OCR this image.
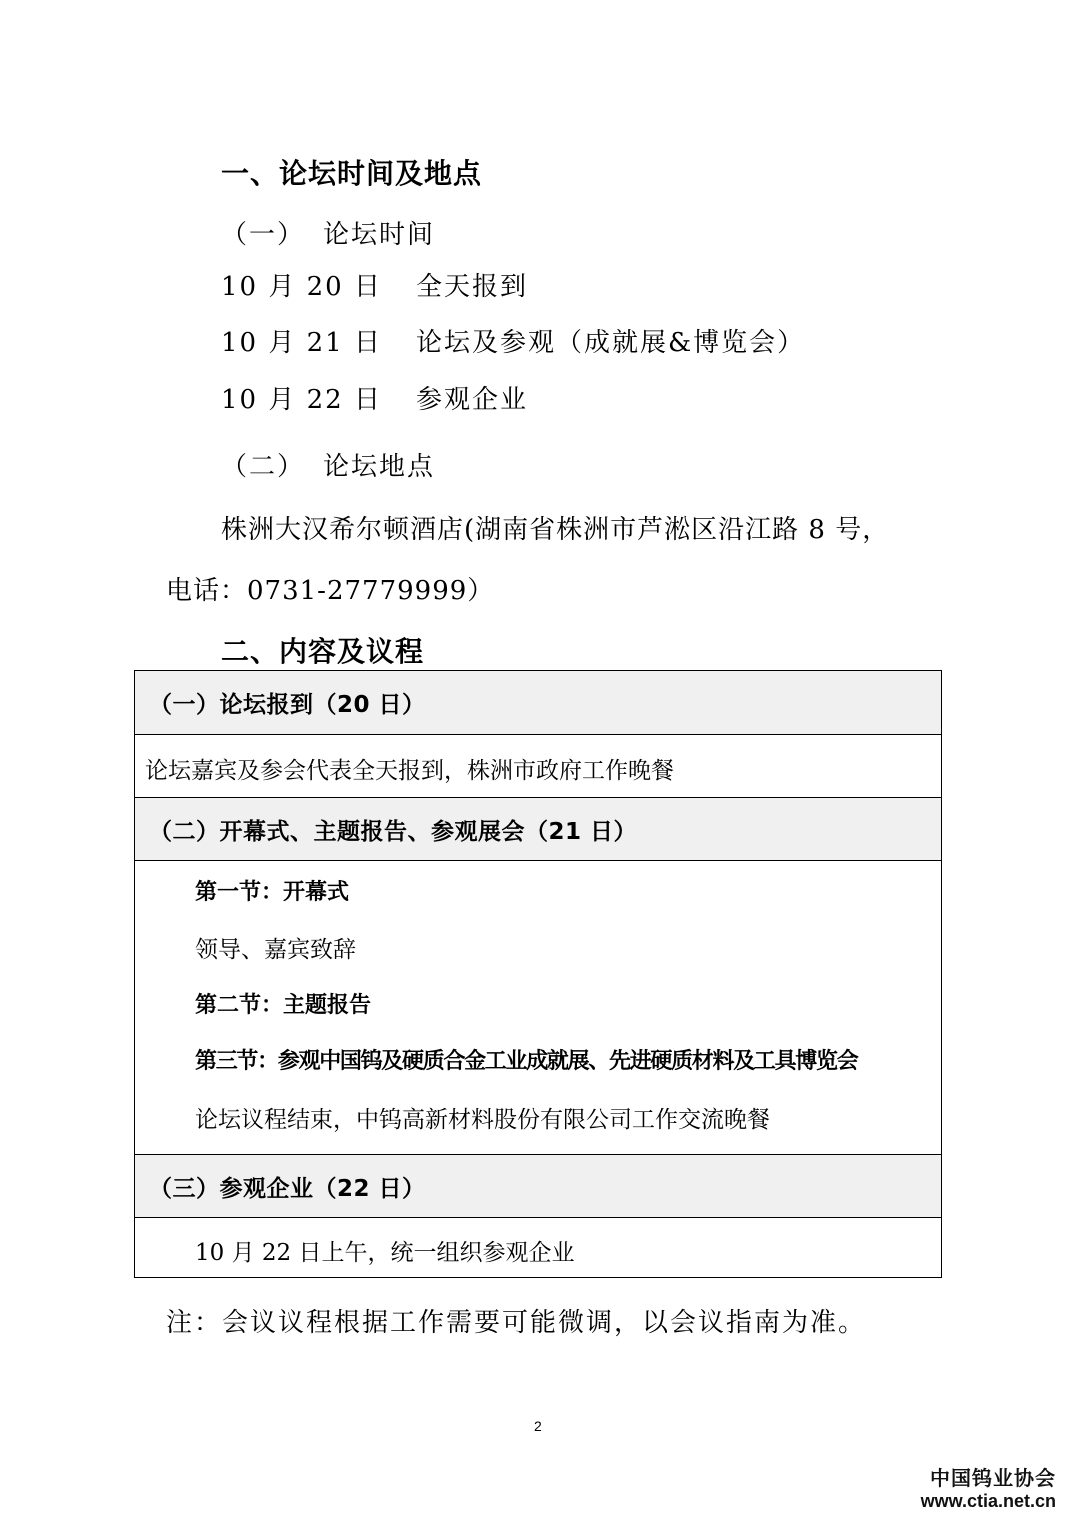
一、论坛时间及地点
（一） 论坛时间
10 月 20 日 全天报到
10 月 21 日 论坛及参观（成就展&博览会）
10 月 22 日 参观企业
（二） 论坛地点
株洲大汉希尔顿酒店(湖南省株洲市芦淞区沿江路 8 号，
电话：0731-27779999）
二、内容及议程
（一）论坛报到（20 日）
论坛嘉宾及参会代表全天报到，株洲市政府工作晚餐
（二）开幕式、主题报告、参观展会（21 日）
第一节：开幕式
领导、嘉宾致辞
第二节：主题报告
第三节：参观中国钨及硬质合金工业成就展、先进硬质材料及工具博览会
论坛议程结束，中钨高新材料股份有限公司工作交流晚餐
（三）参观企业（22 日）
10 月 22 日上午，统一组织参观企业
注：会议议程根据工作需要可能微调，以会议指南为准。
2
中国钨业协会
www.ctia.net.cn
